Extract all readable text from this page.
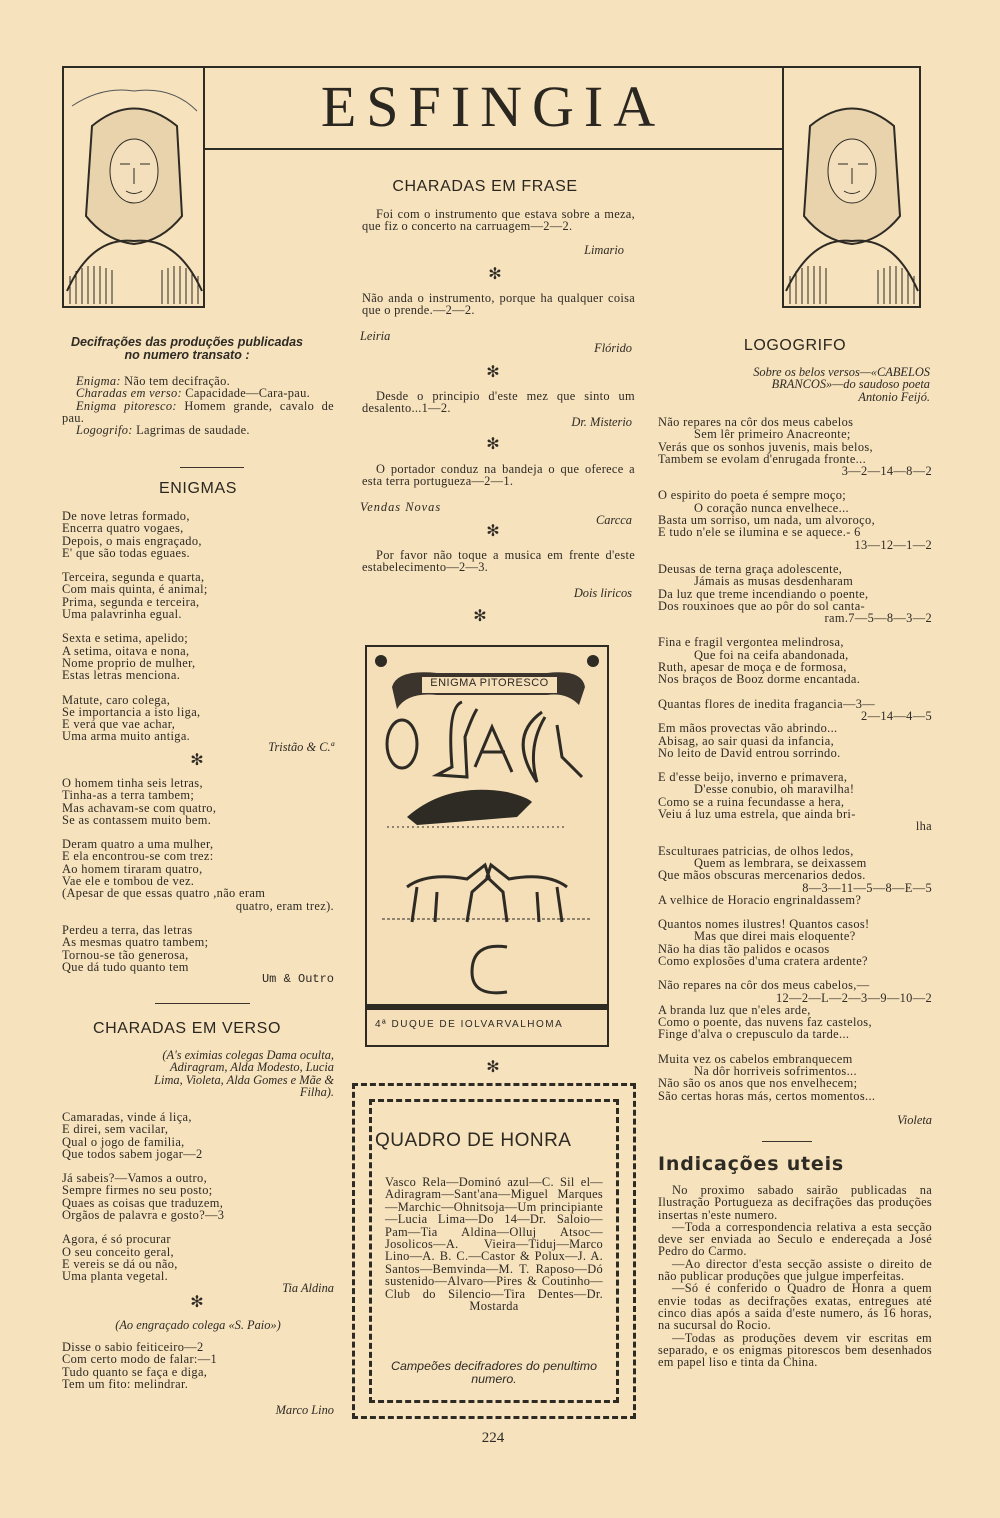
ESFINGIA
Decifrações das produções publicadas
no numero transato :

Enigma: Não tem decifração.

Charadas em verso: Capacidade—Cara-pau.

Enigma pitoresco: Homem grande, cavalo de pau.

Logogrifo: Lagrimas de saudade.

ENIGMAS
De nove letras formado,
Encerra quatro vogaes,
Depois, o mais engraçado,
E' que são todas eguaes.
Terceira, segunda e quarta,
Com mais quinta, é animal;
Prima, segunda e terceira,
Uma palavrinha egual.
Sexta e setima, apelido;
A setima, oitava e nona,
Nome proprio de mulher,
Estas letras menciona.
Matute, caro colega,
Se importancia a isto liga,
E verá que vae achar,
Uma arma muito antiga.
Tristão & C.ª
✻
O homem tinha seis letras,
Tinha-as a terra tambem;
Mas achavam-se com quatro,
Se as contassem muito bem.
Deram quatro a uma mulher,
E ela encontrou-se com trez:
Ao homem tiraram quatro,
Vae ele e tombou de vez.
(Apesar de que essas quatro ,não eram
quatro, eram trez).
Perdeu a terra, das letras
As mesmas quatro tambem;
Tornou-se tão generosa,
Que dá tudo quanto tem
Um & Outro
CHARADAS EM VERSO
(A's eximias colegas Dama oculta, Adiragram, Alda Modesto, Lucia Lima, Violeta, Alda Gomes e Mãe & Filha).
Camaradas, vinde á liça,
E direi, sem vacilar,
Qual o jogo de familia,
Que todos sabem jogar—2
Já sabeis?—Vamos a outro,
Sempre firmes no seu posto;
Quaes as coisas que traduzem,
Orgãos de palavra e gosto?—3
Agora, é só procurar
O seu conceito geral,
E vereis se dá ou não,
Uma planta vegetal.
Tia Aldina
✻
(Ao engraçado colega «S. Paio»)
Disse o sabio feiticeiro—2
Com certo modo de falar:—1
Tudo quanto se faça e diga,
Tem um fito: melindrar.
Marco Lino
CHARADAS EM FRASE

Foi com o instrumento que estava sobre a meza, que fiz o concerto na carruagem—2—2.

Limario
✻

Não anda o instrumento, porque ha qualquer coisa que o prende.—2—2.

Leiria
Flórido
✻

Desde o principio d'este mez que sinto um desalento...1—2.

Dr. Misterio
✻

O portador conduz na bandeja o que oferece a esta terra portugueza—2—1.

Vendas Novas
Carcca
✻

Por favor não toque a musica em frente d'este estabelecimento—2—3.

Dois liricos
✻
ENIGMA PITORESCO
4ª DUQUE DE IOLVARVALHOMA
✻
QUADRO DE HONRA
Vasco Rela—Dominó azul—C. Sil el—Adiragram—Sant'ana—Miguel Marques—Marchic—Ohnitsoja—Um principiante—Lucia Lima—Do 14—Dr. Saloio—Pam—Tia Aldina—Olluj Atsoc—Josolicos—A. Vieira—Tiduj—Marco Lino—A. B. C.—Castor & Polux—J. A. Santos—Bemvinda—M. T. Raposo—Dó sustenido—Alvaro—Pires & Coutinho—Club do Silencio—Tira Dentes—Dr. Mostarda
Campeões decifradores do penultimo numero.
LOGOGRIFO
Sobre os belos versos—«CABELOS BRANCOS»—do saudoso poeta Antonio Feijó.
Não repares na côr dos meus cabelos
Sem lêr primeiro Anacreonte;
Verás que os sonhos juvenis, mais belos,
Tambem se evolam d'enrugada fronte...
3—2—14—8—2
O espirito do poeta é sempre moço;
O coração nunca envelhece...
Basta um sorriso, um nada, um alvoroço,
E tudo n'ele se ilumina e se aquece.- 6
13—12—1—2
Deusas de terna graça adolescente,
Jámais as musas desdenharam
Da luz que treme incendiando o poente,
Dos rouxinoes que ao pôr do sol canta-
ram.7—5—8—3—2
Fina e fragil vergontea melindrosa,
Que foi na ceifa abandonada,
Ruth, apesar de moça e de formosa,
Nos braços de Booz dorme encantada.
Quantas flores de inedita fragancia—3—
2—14—4—5
Em mãos provectas vão abrindo...
Abisag, ao sair quasi da infancia,
No leito de David entrou sorrindo.
E d'esse beijo, inverno e primavera,
D'esse conubio, oh maravilha!
Como se a ruina fecundasse a hera,
Veiu á luz uma estrela, que ainda bri-
lha
Esculturaes patricias, de olhos ledos,
Quem as lembrara, se deixassem
Que mãos obscuras mercenarios dedos.
8—3—11—5—8—E—5
A velhice de Horacio engrinaldassem?
Quantos nomes ilustres! Quantos casos!
Mas que direi mais eloquente?
Não ha dias tão palidos e ocasos
Como explosões d'uma cratera ardente?
Não repares na côr dos meus cabelos,—
12—2—L—2—3—9—10—2
A branda luz que n'eles arde,
Como o poente, das nuvens faz castelos,
Finge d'alva o crepusculo da tarde...
Muita vez os cabelos embranquecem
Na dôr horriveis sofrimentos...
Não são os anos que nos envelhecem;
São certas horas más, certos momentos...
Violeta
Indicações uteis

No proximo sabado sairão publicadas na Ilustração Portugueza as decifrações das produções insertas n'este numero.

—Toda a correspondencia relativa a esta secção deve ser enviada ao Seculo e endereçada a José Pedro do Carmo.

—Ao director d'esta secção assiste o direito de não publicar produções que julgue imperfeitas.

—Só é conferido o Quadro de Honra a quem envie todas as decifrações exatas, entregues até cinco dias após a saida d'este numero, ás 16 horas, na sucursal do Rocio.

—Todas as produções devem vir escritas em separado, e os enigmas pitorescos bem desenhados em papel liso e tinta da China.

224
